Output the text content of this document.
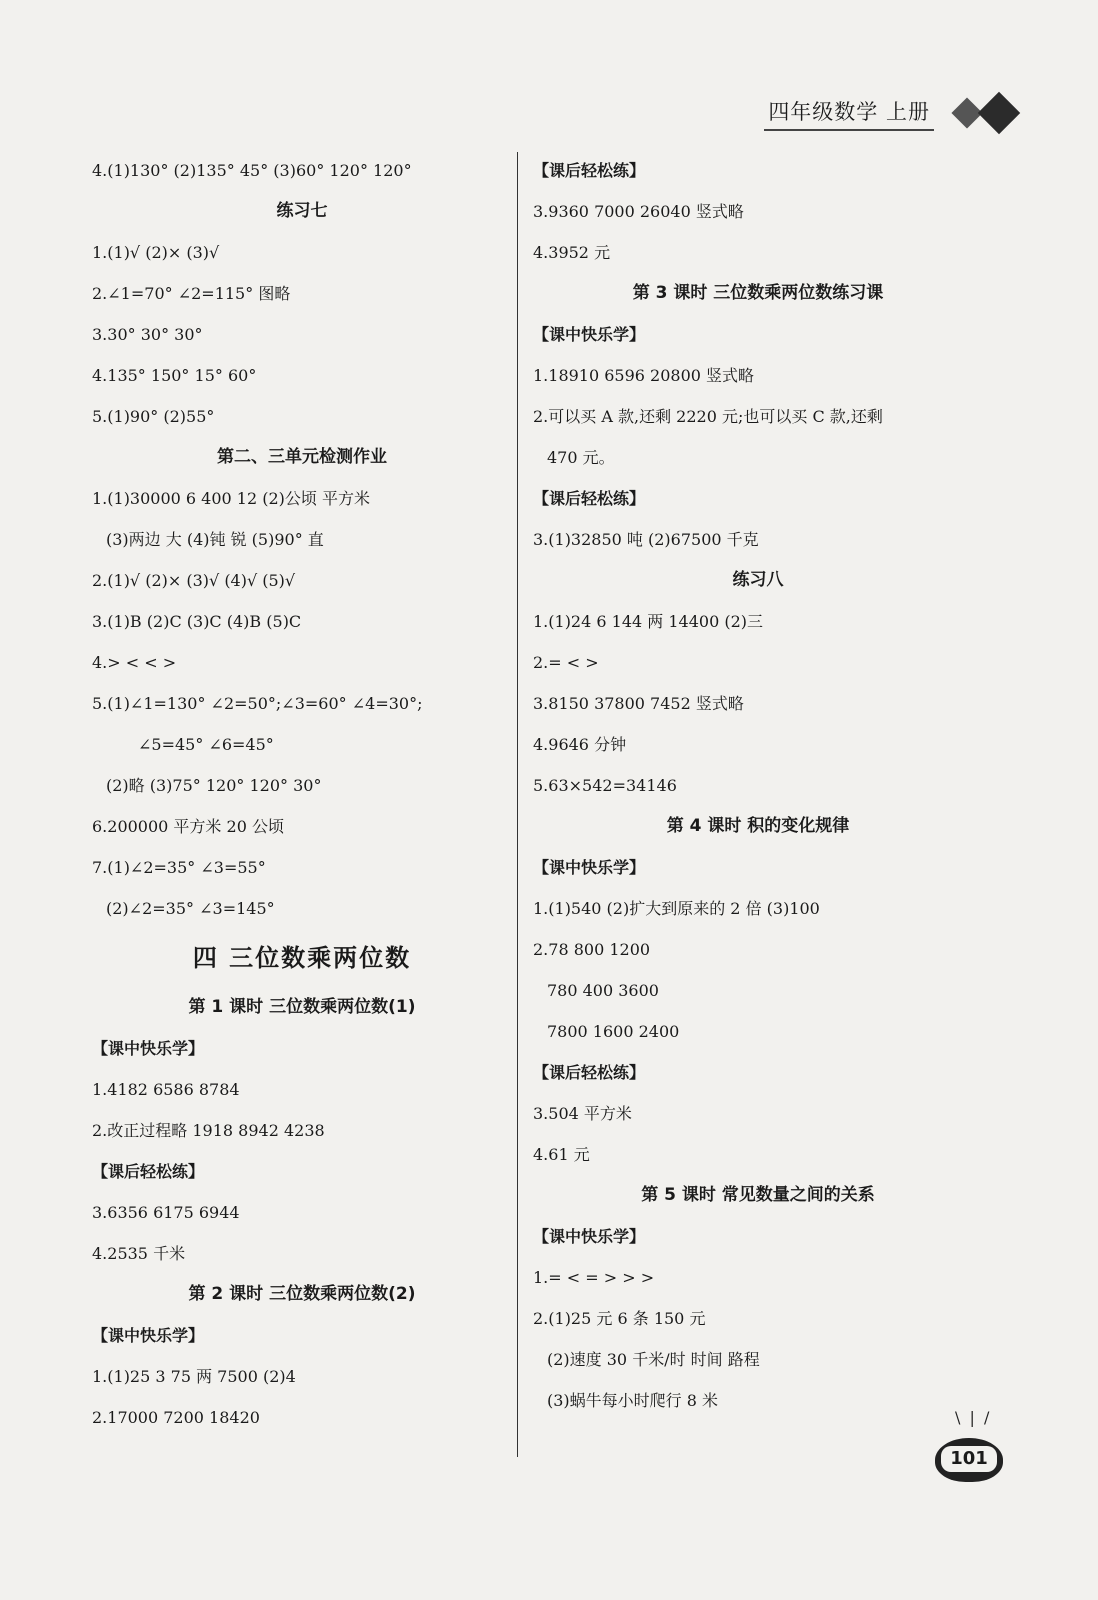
四年级数学 上册
4.(1)130° (2)135° 45° (3)60° 120° 120°
练习七
1.(1)√ (2)× (3)√
2.∠1=70° ∠2=115° 图略
3.30° 30° 30°
4.135° 150° 15° 60°
5.(1)90° (2)55°
第二、三单元检测作业
1.(1)30000 6 400 12 (2)公顷 平方米
(3)两边 大 (4)钝 锐 (5)90° 直
2.(1)√ (2)× (3)√ (4)√ (5)√
3.(1)B (2)C (3)C (4)B (5)C
4.> < < >
5.(1)∠1=130° ∠2=50°;∠3=60° ∠4=30°;
∠5=45° ∠6=45°
(2)略 (3)75° 120° 120° 30°
6.200000 平方米 20 公顷
7.(1)∠2=35° ∠3=55°
(2)∠2=35° ∠3=145°
四 三位数乘两位数
第 1 课时 三位数乘两位数(1)
【课中快乐学】
1.4182 6586 8784
2.改正过程略 1918 8942 4238
【课后轻松练】
3.6356 6175 6944
4.2535 千米
第 2 课时 三位数乘两位数(2)
【课中快乐学】
1.(1)25 3 75 两 7500 (2)4
2.17000 7200 18420
【课后轻松练】
3.9360 7000 26040 竖式略
4.3952 元
第 3 课时 三位数乘两位数练习课
【课中快乐学】
1.18910 6596 20800 竖式略
2.可以买 A 款,还剩 2220 元;也可以买 C 款,还剩
470 元。
【课后轻松练】
3.(1)32850 吨 (2)67500 千克
练习八
1.(1)24 6 144 两 14400 (2)三
2.= < >
3.8150 37800 7452 竖式略
4.9646 分钟
5.63×542=34146
第 4 课时 积的变化规律
【课中快乐学】
1.(1)540 (2)扩大到原来的 2 倍 (3)100
2.78 800 1200
780 400 3600
7800 1600 2400
【课后轻松练】
3.504 平方米
4.61 元
第 5 课时 常见数量之间的关系
【课中快乐学】
1.= < = > > >
2.(1)25 元 6 条 150 元
(2)速度 30 千米/时 时间 路程
(3)蜗牛每小时爬行 8 米
\ | /
101
